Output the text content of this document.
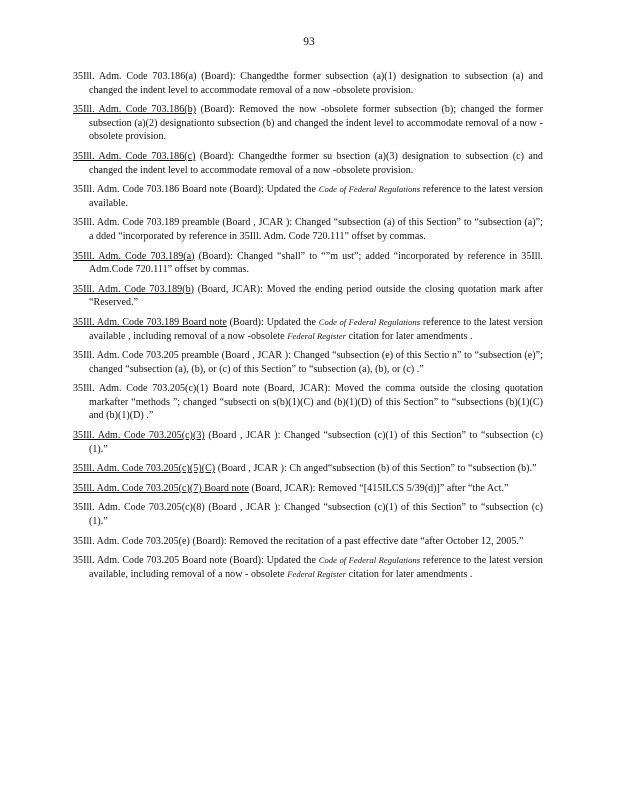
93
35Ill. Adm. Code 703.186(a) (Board): Changedthe former subsection (a)(1) designation to subsection (a) and changed the indent level to accommodate removal of a now -obsolete provision.
35Ill. Adm. Code 703.186(b) (Board): Removed the now -obsolete former subsection (b); changed the former subsection (a)(2) designationto subsection (b) and changed the indent level to accommodate removal of a now -obsolete provision.
35Ill. Adm. Code 703.186(c) (Board): Changedthe former su bsection (a)(3) designation to subsection (c) and changed the indent level to accommodate removal of a now -obsolete provision.
35Ill. Adm. Code 703.186 Board note (Board): Updated the Code of Federal Regulations reference to the latest version available.
35Ill. Adm. Code 703.189 preamble (Board , JCAR ): Changed “subsection (a) of this Section” to “subsection (a)”; a dded “incorporated by reference in 35Ill. Adm. Code 720.111” offset by commas.
35Ill. Adm. Code 703.189(a) (Board): Changed “shall” to “”m ust”; added “incorporated by reference in 35Ill. Adm.Code 720.111” offset by commas.
35Ill. Adm. Code 703.189(b) (Board, JCAR): Moved the ending period outside the closing quotation mark after “Reserved.”
35Ill. Adm. Code 703.189 Board note (Board): Updated the Code of Federal Regulations reference to the latest version available , including removal of a now -obsolete Federal Register citation for later amendments .
35Ill. Adm. Code 703.205 preamble (Board , JCAR ): Changed “subsection (e) of this Sectio n” to “subsection (e)”; changed “subsection (a), (b), or (c) of this Section” to “subsection (a), (b), or (c) .”
35Ill. Adm. Code 703.205(c)(1) Board note (Board, JCAR): Moved the comma outside the closing quotation markafter “methods ”; changed “subsecti on s(b)(1)(C) and (b)(1)(D) of this Section” to “subsections (b)(1)(C) and (b)(1)(D) .”
35Ill. Adm. Code 703.205(c)(3) (Board , JCAR ): Changed “subsection (c)(1) of this Section” to “subsection (c)(1).”
35Ill. Adm. Code 703.205(c)(5)(C) (Board , JCAR ): Ch anged“subsection (b) of this Section” to “subsection (b).”
35Ill. Adm. Code 703.205(c)(7) Board note (Board, JCAR): Removed “[415ILCS 5/39(d)]” after “the Act.”
35Ill. Adm. Code 703.205(c)(8) (Board , JCAR ): Changed “subsection (c)(1) of this Section” to “subsection (c)(1).”
35Ill. Adm. Code 703.205(e) (Board): Removed the recitation of a past effective date “after October 12, 2005.”
35Ill. Adm. Code 703.205 Board note (Board): Updated the Code of Federal Regulations reference to the latest version available, including removal of a now - obsolete Federal Register citation for later amendments .
